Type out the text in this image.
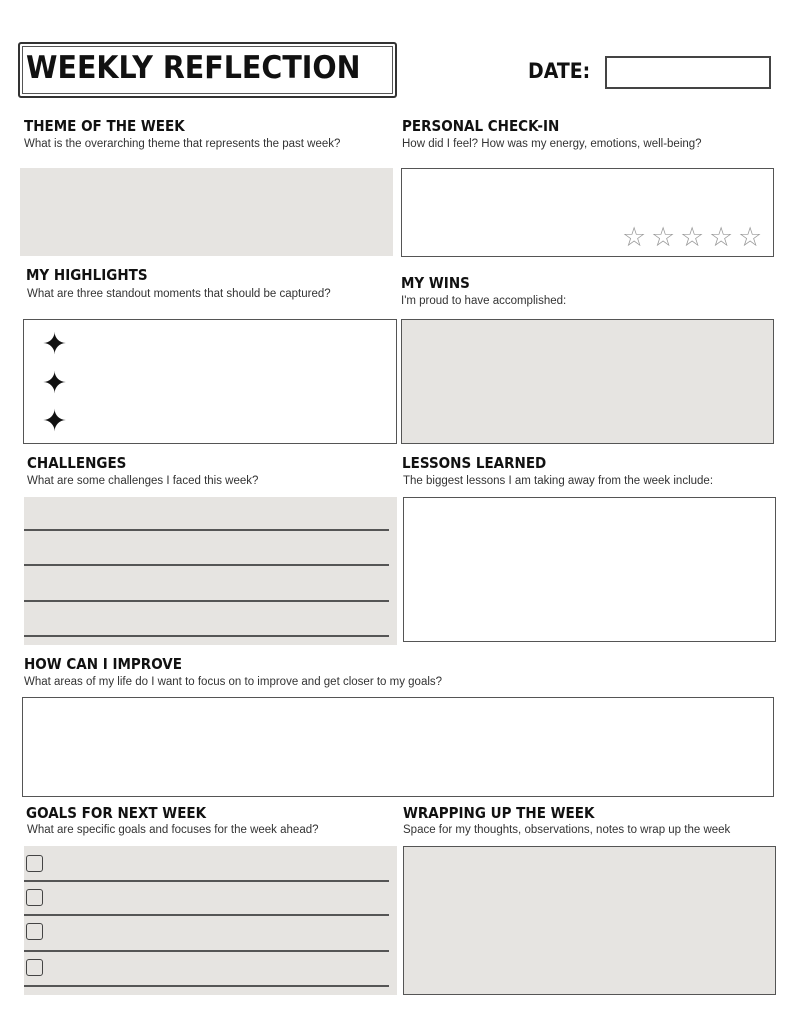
WEEKLY REFLECTION	DATE:
THEME OF THE WEEK
What is the overarching theme that represents the past week?
PERSONAL CHECK-IN
How did I feel? How was my energy, emotions, well-being?
☆ ☆ ☆ ☆ ☆
MY HIGHLIGHTS
What are three standout moments that should be captured?
✦
✦
✦
MY WINS
I'm proud to have accomplished:
CHALLENGES
What are some challenges I faced this week?
LESSONS LEARNED
The biggest lessons I am taking away from the week include:
HOW CAN I IMPROVE
What areas of my life do I want to focus on to improve and get closer to my goals?
GOALS FOR NEXT WEEK
What are specific goals and focuses for the week ahead?
WRAPPING UP THE WEEK
Space for my thoughts, observations, notes to wrap up the week
